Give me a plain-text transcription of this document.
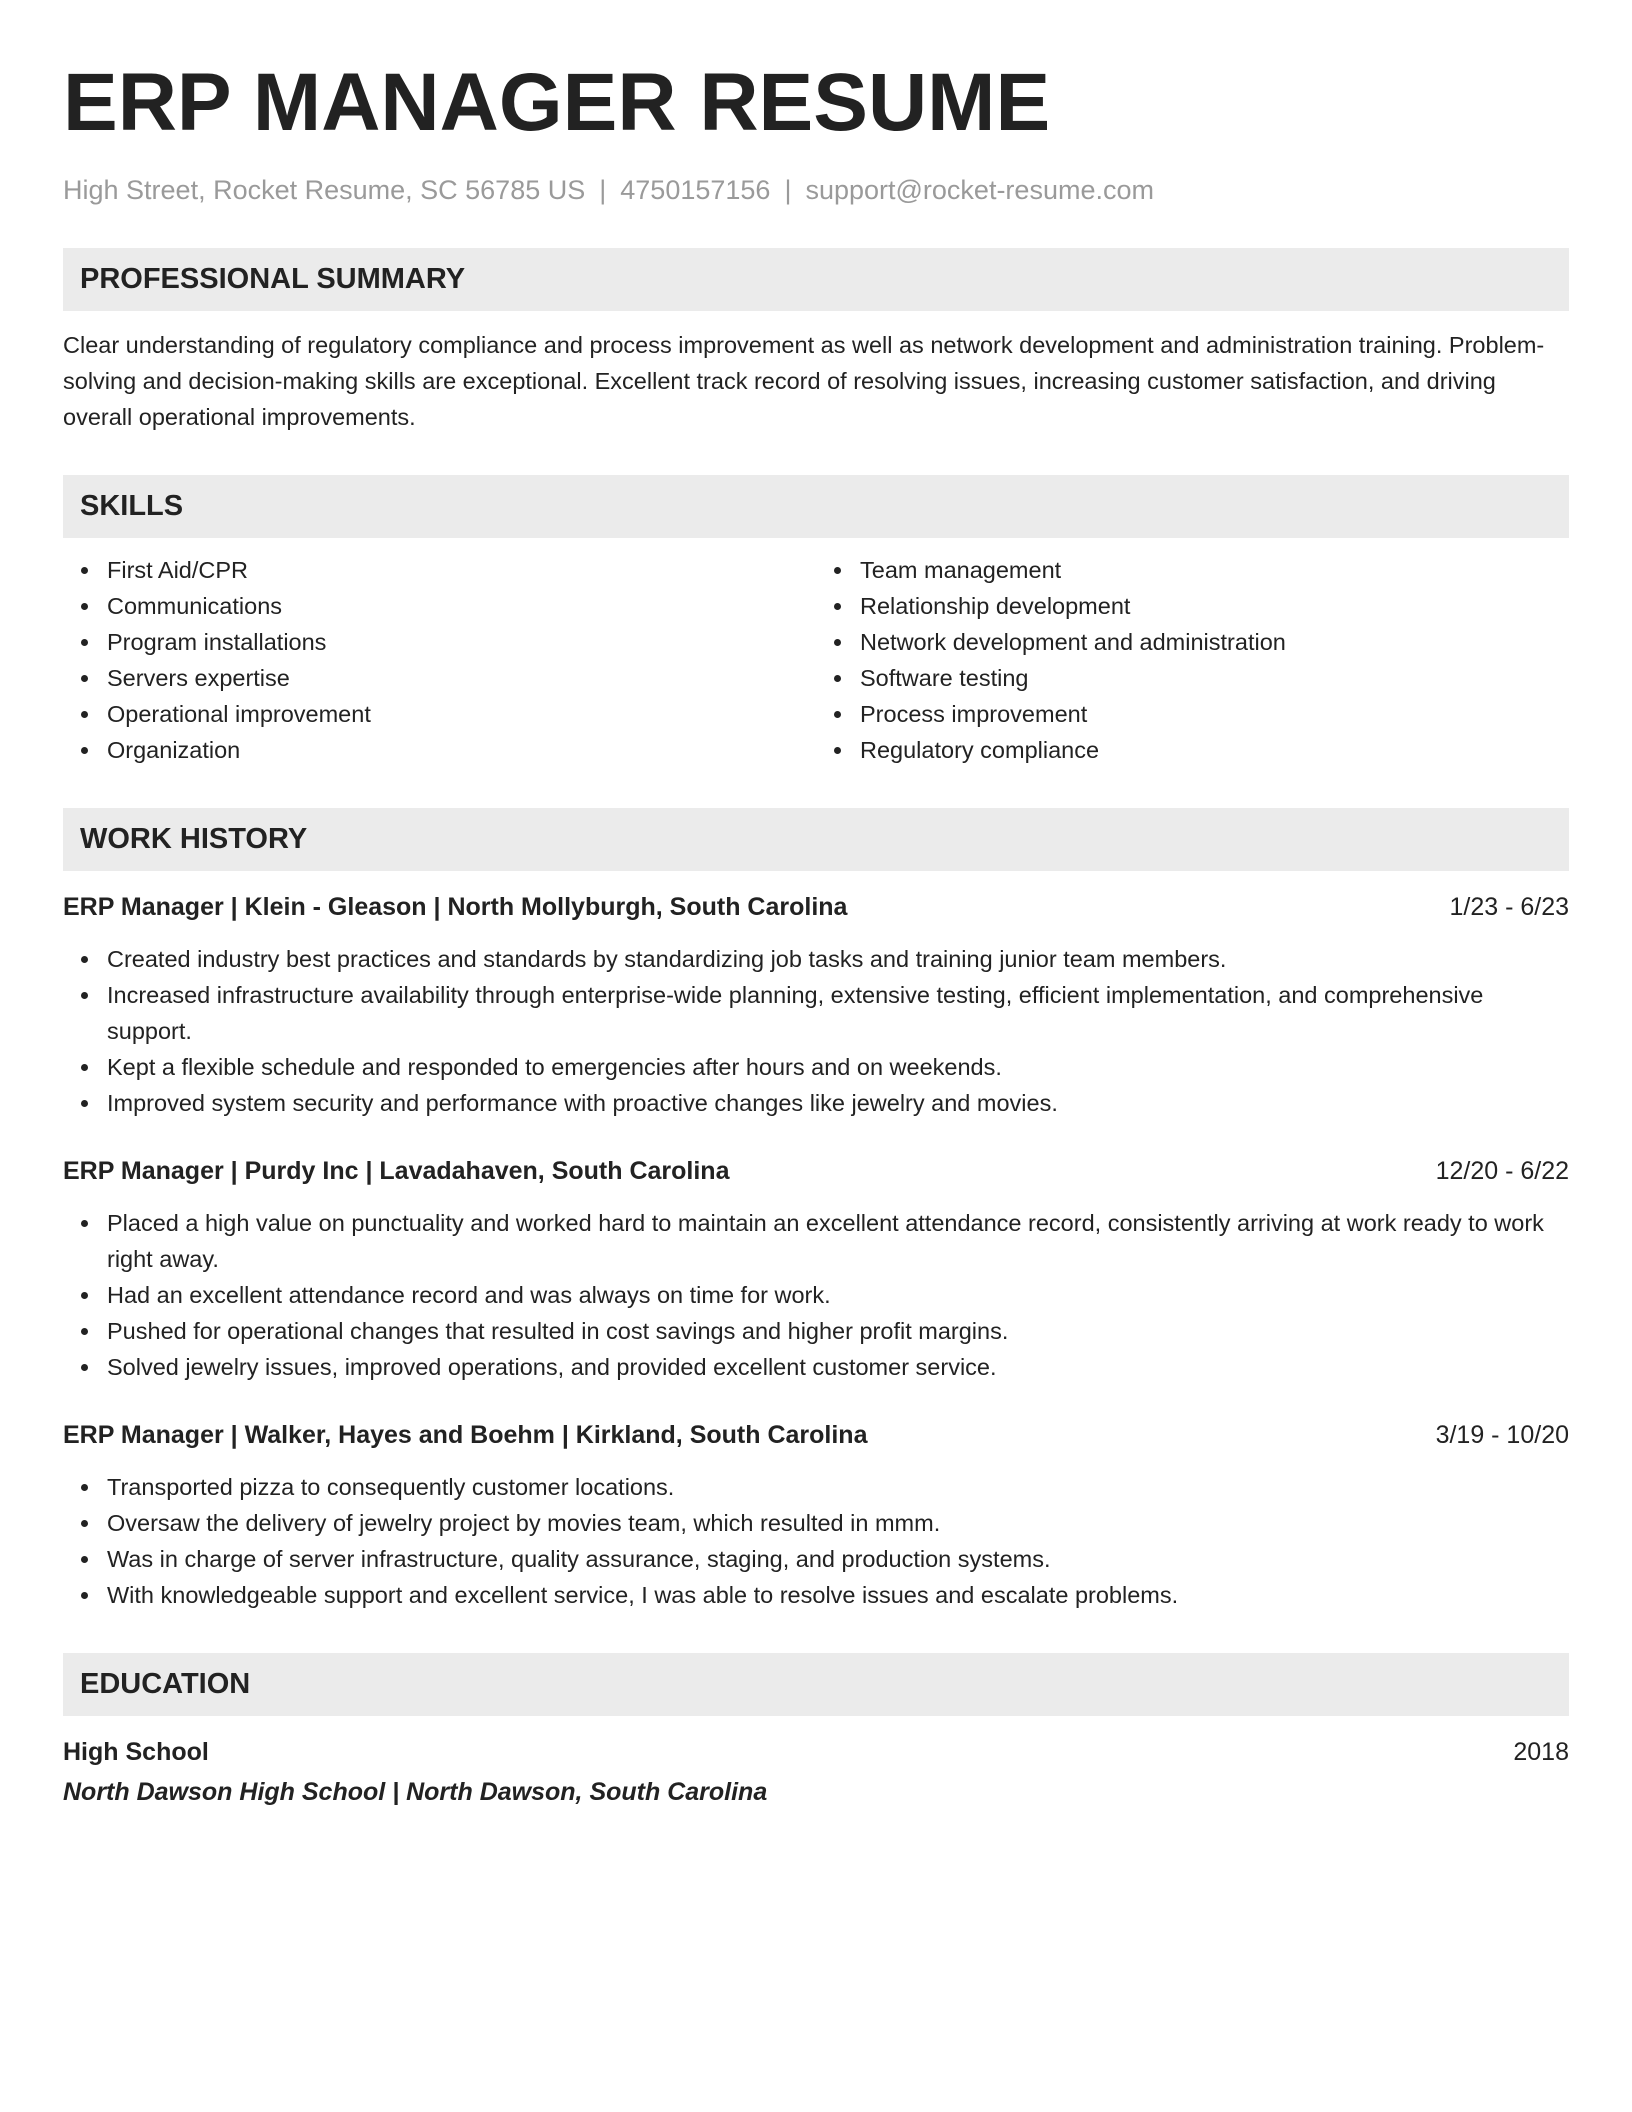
ERP MANAGER RESUME
High Street, Rocket Resume, SC 56785 US | 4750157156 | support@rocket-resume.com
PROFESSIONAL SUMMARY
Clear understanding of regulatory compliance and process improvement as well as network development and administration training. Problem-solving and decision-making skills are exceptional. Excellent track record of resolving issues, increasing customer satisfaction, and driving overall operational improvements.
SKILLS
First Aid/CPR
Communications
Program installations
Servers expertise
Operational improvement
Organization
Team management
Relationship development
Network development and administration
Software testing
Process improvement
Regulatory compliance
WORK HISTORY
ERP Manager | Klein - Gleason | North Mollyburgh, South Carolina	1/23 - 6/23
Created industry best practices and standards by standardizing job tasks and training junior team members.
Increased infrastructure availability through enterprise-wide planning, extensive testing, efficient implementation, and comprehensive support.
Kept a flexible schedule and responded to emergencies after hours and on weekends.
Improved system security and performance with proactive changes like jewelry and movies.
ERP Manager | Purdy Inc | Lavadahaven, South Carolina	12/20 - 6/22
Placed a high value on punctuality and worked hard to maintain an excellent attendance record, consistently arriving at work ready to work right away.
Had an excellent attendance record and was always on time for work.
Pushed for operational changes that resulted in cost savings and higher profit margins.
Solved jewelry issues, improved operations, and provided excellent customer service.
ERP Manager | Walker, Hayes and Boehm | Kirkland, South Carolina	3/19 - 10/20
Transported pizza to consequently customer locations.
Oversaw the delivery of jewelry project by movies team, which resulted in mmm.
Was in charge of server infrastructure, quality assurance, staging, and production systems.
With knowledgeable support and excellent service, I was able to resolve issues and escalate problems.
EDUCATION
High School	2018
North Dawson High School | North Dawson, South Carolina
